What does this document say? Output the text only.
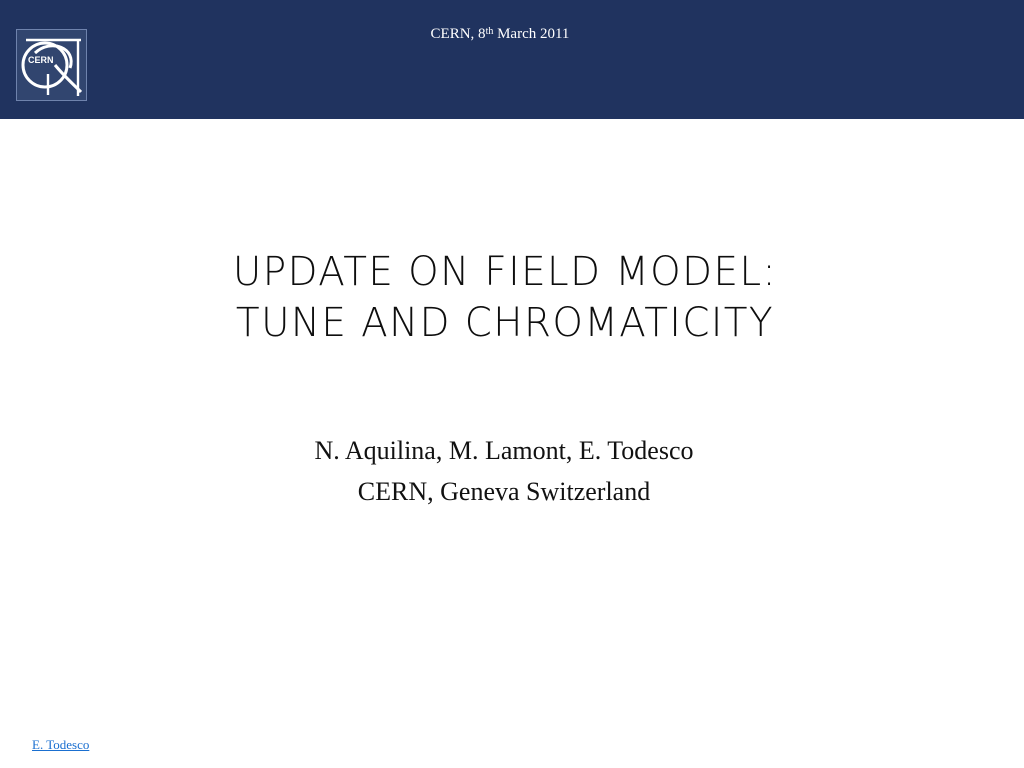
CERN
CERN, 8th March 2011
UPDATE ON FIELD MODEL:
TUNE AND CHROMATICITY
N. Aquilina, M. Lamont, E. Todesco
CERN, Geneva Switzerland
E. Todesco
